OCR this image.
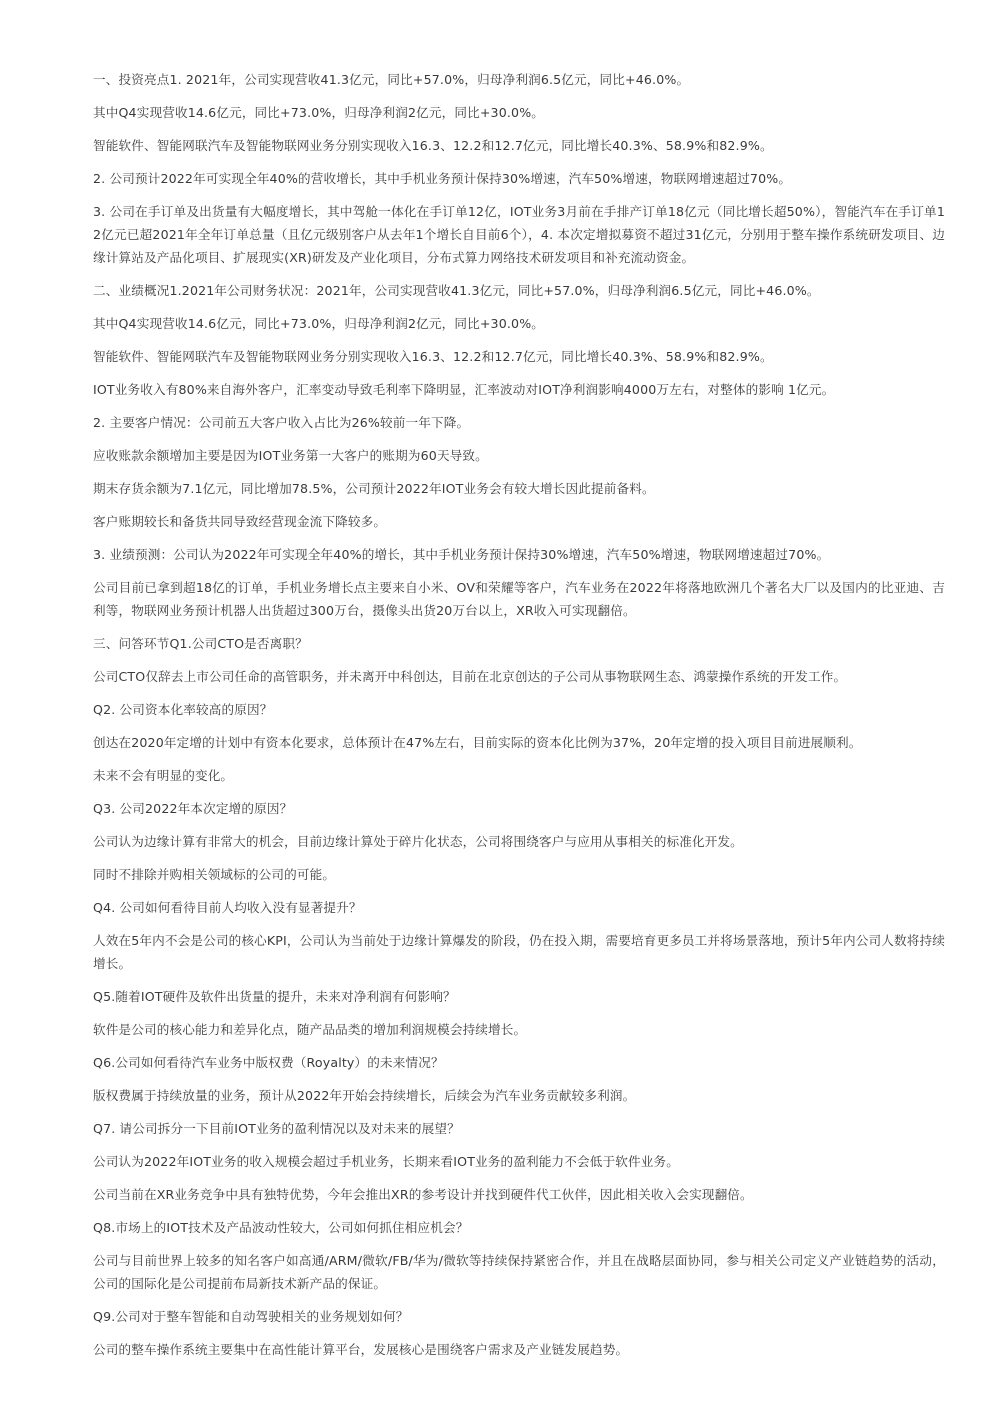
一、投资亮点1. 2021年，公司实现营收41.3亿元，同比+57.0%，归母净利润6.5亿元，同比+46.0%。

其中Q4实现营收14.6亿元，同比+73.0%，归母净利润2亿元，同比+30.0%。

智能软件、智能网联汽车及智能物联网业务分别实现收入16.3、12.2和12.7亿元，同比增长40.3%、58.9%和82.9%。

2. 公司预计2022年可实现全年40%的营收增长，其中手机业务预计保持30%增速，汽车50%增速，物联网增速超过70%。

3. 公司在手订单及出货量有大幅度增长，其中驾舱一体化在手订单12亿，IOT业务3月前在手排产订单18亿元（同比增长超50%），智能汽车在手订单12亿元已超2021年全年订单总量（且亿元级别客户从去年1个增长自目前6个），4. 本次定增拟募资不超过31亿元，分别用于整车操作系统研发项目、边缘计算站及产品化项目、扩展现实(XR)研发及产业化项目，分布式算力网络技术研发项目和补充流动资金。

二、业绩概况1.2021年公司财务状况：2021年，公司实现营收41.3亿元，同比+57.0%，归母净利润6.5亿元，同比+46.0%。

其中Q4实现营收14.6亿元，同比+73.0%，归母净利润2亿元，同比+30.0%。

智能软件、智能网联汽车及智能物联网业务分别实现收入16.3、12.2和12.7亿元，同比增长40.3%、58.9%和82.9%。

IOT业务收入有80%来自海外客户，汇率变动导致毛利率下降明显，汇率波动对IOT净利润影响4000万左右，对整体的影响 1亿元。

2. 主要客户情况：公司前五大客户收入占比为26%较前一年下降。

应收账款余额增加主要是因为IOT业务第一大客户的账期为60天导致。

期末存货余额为7.1亿元，同比增加78.5%，公司预计2022年IOT业务会有较大增长因此提前备料。

客户账期较长和备货共同导致经营现金流下降较多。

3. 业绩预测：公司认为2022年可实现全年40%的增长，其中手机业务预计保持30%增速，汽车50%增速，物联网增速超过70%。

公司目前已拿到超18亿的订单，手机业务增长点主要来自小米、OV和荣耀等客户，汽车业务在2022年将落地欧洲几个著名大厂以及国内的比亚迪、吉利等，物联网业务预计机器人出货超过300万台，摄像头出货20万台以上，XR收入可实现翻倍。

三、问答环节Q1.公司CTO是否离职？

公司CTO仅辞去上市公司任命的高管职务，并未离开中科创达，目前在北京创达的子公司从事物联网生态、鸿蒙操作系统的开发工作。

Q2. 公司资本化率较高的原因？

创达在2020年定增的计划中有资本化要求，总体预计在47%左右，目前实际的资本化比例为37%，20年定增的投入项目目前进展顺利。

未来不会有明显的变化。

Q3. 公司2022年本次定增的原因？

公司认为边缘计算有非常大的机会，目前边缘计算处于碎片化状态，公司将围绕客户与应用从事相关的标准化开发。

同时不排除并购相关领域标的公司的可能。

Q4. 公司如何看待目前人均收入没有显著提升？

人效在5年内不会是公司的核心KPI，公司认为当前处于边缘计算爆发的阶段，仍在投入期，需要培育更多员工并将场景落地，预计5年内公司人数将持续增长。

Q5.随着IOT硬件及软件出货量的提升，未来对净利润有何影响？

软件是公司的核心能力和差异化点，随产品品类的增加利润规模会持续增长。

Q6.公司如何看待汽车业务中版权费（Royalty）的未来情况？

版权费属于持续放量的业务，预计从2022年开始会持续增长，后续会为汽车业务贡献较多利润。

Q7. 请公司拆分一下目前IOT业务的盈利情况以及对未来的展望？

公司认为2022年IOT业务的收入规模会超过手机业务，长期来看IOT业务的盈利能力不会低于软件业务。

公司当前在XR业务竞争中具有独特优势，今年会推出XR的参考设计并找到硬件代工伙伴，因此相关收入会实现翻倍。

Q8.市场上的IOT技术及产品波动性较大，公司如何抓住相应机会？

公司与目前世界上较多的知名客户如高通/ARM/微软/FB/华为/微软等持续保持紧密合作，并且在战略层面协同，参与相关公司定义产业链趋势的活动，公司的国际化是公司提前布局新技术新产品的保证。

Q9.公司对于整车智能和自动驾驶相关的业务规划如何？

公司的整车操作系统主要集中在高性能计算平台，发展核心是围绕客户需求及产业链发展趋势。
